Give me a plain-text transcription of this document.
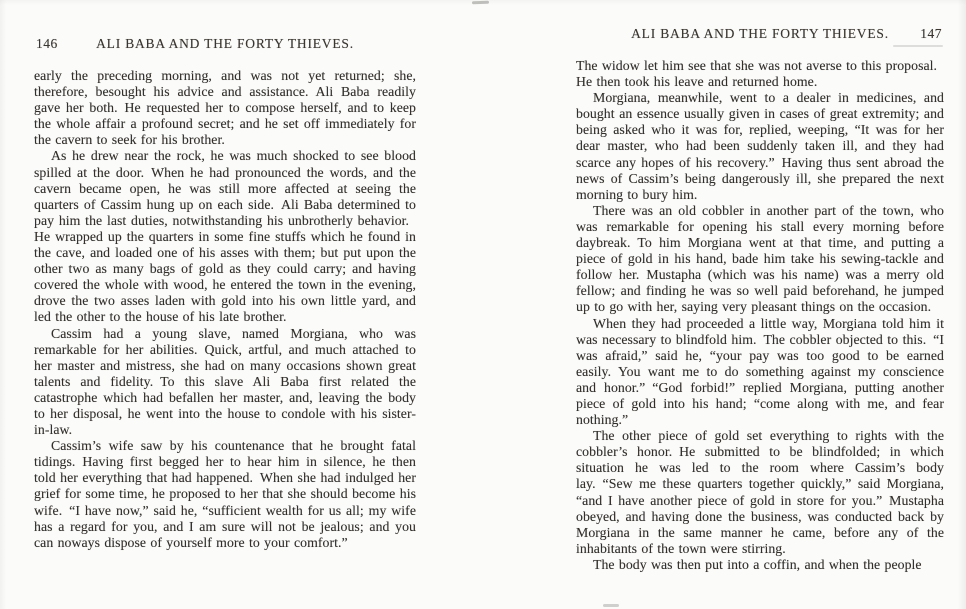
146	ALI BABA AND THE FORTY THIEVES.

early the preceding morning, and was not yet returned; she, therefore, besought his advice and assistance. Ali Baba readily gave her both. He requested her to compose herself, and to keep the whole affair a profound secret; and he set off immediately for the cavern to seek for his brother.

As he drew near the rock, he was much shocked to see blood spilled at the door. When he had pronounced the words, and the cavern became open, he was still more affected at seeing the quarters of Cassim hung up on each side. Ali Baba determined to pay him the last duties, notwithstanding his unbrotherly behavior. He wrapped up the quarters in some fine stuffs which he found in the cave, and loaded one of his asses with them; but put upon the other two as many bags of gold as they could carry; and having covered the whole with wood, he entered the town in the evening, drove the two asses laden with gold into his own little yard, and led the other to the house of his late brother.

Cassim had a young slave, named Morgiana, who was remarkable for her abilities. Quick, artful, and much attached to her master and mistress, she had on many occasions shown great talents and fidelity. To this slave Ali Baba first related the catastrophe which had befallen her master, and, leaving the body to her disposal, he went into the house to condole with his sister-in-law.

Cassim’s wife saw by his countenance that he brought fatal tidings. Having first begged her to hear him in silence, he then told her everything that had happened. When she had indulged her grief for some time, he proposed to her that she should become his wife. “I have now,” said he, “sufficient wealth for us all; my wife has a regard for you, and I am sure will not be jealous; and you can noways dispose of yourself more to your comfort.”

ALI BABA AND THE FORTY THIEVES.	147

The widow let him see that she was not averse to this proposal. He then took his leave and returned home.

Morgiana, meanwhile, went to a dealer in medicines, and bought an essence usually given in cases of great extremity; and being asked who it was for, replied, weeping, “It was for her dear master, who had been suddenly taken ill, and they had scarce any hopes of his recovery.” Having thus sent abroad the news of Cassim’s being dangerously ill, she prepared the next morning to bury him.

There was an old cobbler in another part of the town, who was remarkable for opening his stall every morning before daybreak. To him Morgiana went at that time, and putting a piece of gold in his hand, bade him take his sewing-tackle and follow her. Mustapha (which was his name) was a merry old fellow; and finding he was so well paid beforehand, he jumped up to go with her, saying very pleasant things on the occasion.

When they had proceeded a little way, Morgiana told him it was necessary to blindfold him. The cobbler objected to this. “I was afraid,” said he, “your pay was too good to be earned easily. You want me to do something against my conscience and honor.” “God forbid!” replied Morgiana, putting another piece of gold into his hand; “come along with me, and fear nothing.”

The other piece of gold set everything to rights with the cobbler’s honor. He submitted to be blindfolded; in which situation he was led to the room where Cassim’s body lay. “Sew me these quarters together quickly,” said Morgiana, “and I have another piece of gold in store for you.” Mustapha obeyed, and having done the business, was conducted back by Morgiana in the same manner he came, before any of the inhabitants of the town were stirring.

The body was then put into a coffin, and when the people
